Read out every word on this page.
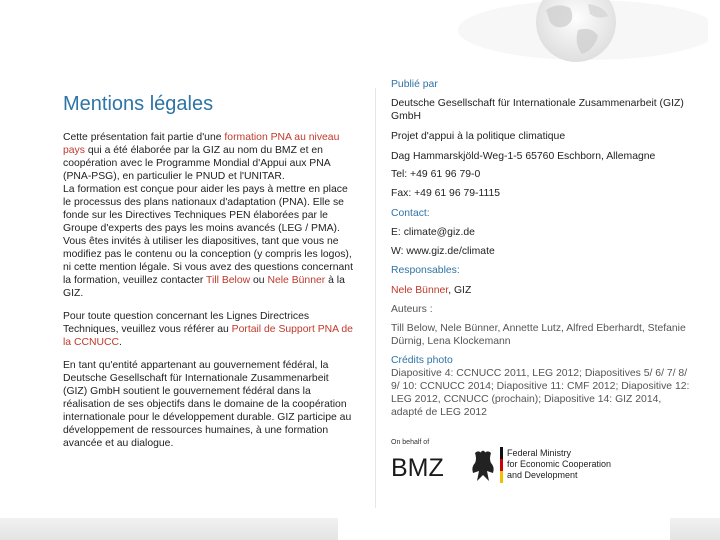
Mentions légales

Cette présentation fait partie d'une formation PNA au niveau pays qui a été élaborée par la GIZ au nom du BMZ et en coopération avec le Programme Mondial d'Appui aux PNA (PNA-PSG), en particulier le PNUD et l'UNITAR.
La formation est conçue pour aider les pays à mettre en place le processus des plans nationaux d'adaptation (PNA). Elle se fonde sur les Directives Techniques PEN élaborées par le Groupe d'experts des pays les moins avancés (LEG / PMA).
Vous êtes invités à utiliser les diapositives, tant que vous ne modifiez pas le contenu ou la conception (y compris les logos), ni cette mention légale. Si vous avez des questions concernant la formation, veuillez contacter Till Below ou Nele Bünner à la GIZ.

Pour toute question concernant les Lignes Directrices Techniques, veuillez vous référer au Portail de Support PNA de la CCNUCC.

En tant qu'entité appartenant au gouvernement fédéral, la Deutsche Gesellschaft für Internationale Zusammenarbeit (GIZ) GmbH soutient le gouvernement fédéral dans la réalisation de ses objectifs dans le domaine de la coopération internationale pour le développement durable. GIZ participe au développement de ressources humaines, à une formation avancée et au dialogue.

Publié par
Deutsche Gesellschaft für Internationale Zusammenarbeit (GIZ) GmbH
Projet d'appui à la politique climatique
Dag Hammarskjöld-Weg-1-5 65760 Eschborn, Allemagne
Tel: +49 61 96 79-0
Fax: +49 61 96 79-1115
Contact:
E: climate@giz.de
W: www.giz.de/climate
Responsables:
Nele Bünner, GIZ
Auteurs :
Till Below, Nele Bünner, Annette Lutz, Alfred Eberhardt, Stefanie Dürnig, Lena Klockemann
Crédits photo
Diapositive 4: CCNUCC 2011, LEG 2012; Diapositives 5/ 6/ 7/ 8/ 9/ 10: CCNUCC 2014; Diapositive 11: CMF 2012; Diapositive 12: LEG 2012, CCNUCC (prochain); Diapositive 14: GIZ 2014, adapté de LEG 2012
On behalf of
BMZ
Federal Ministry
for Economic Cooperation
and Development
